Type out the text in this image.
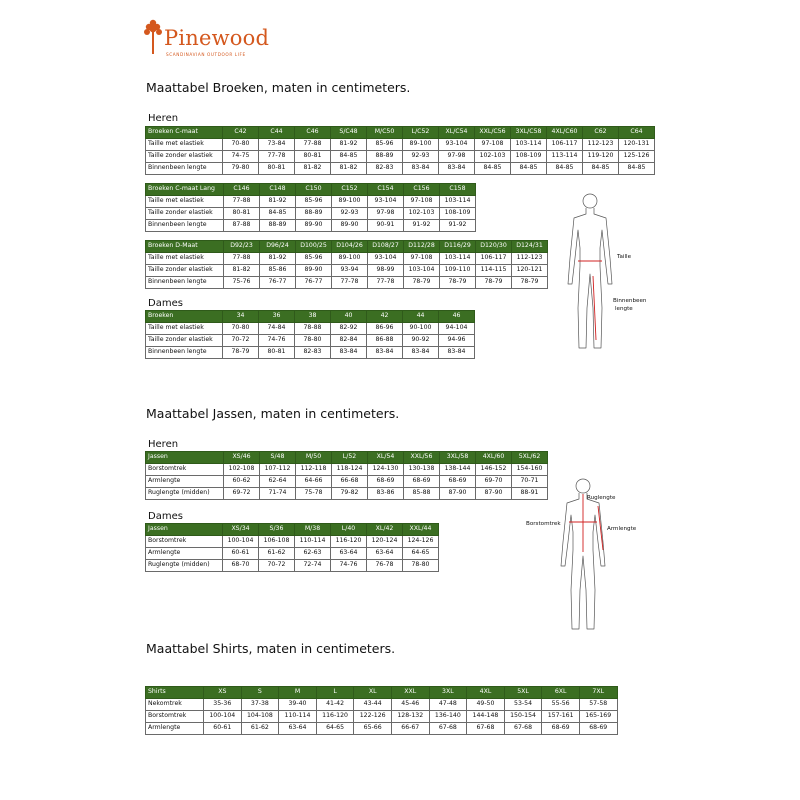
Pinewood
SCANDINAVIAN OUTDOOR LIFE
Maattabel Broeken, maten in centimeters.
Maattabel Jassen, maten in centimeters.
Maattabel Shirts, maten in centimeters.
Heren
Dames
Heren
Dames
Broeken C-maat	C42	C44	C46	S/C48	M/C50	L/C52	XL/C54	XXL/C56	3XL/C58	4XL/C60	C62	C64
Taille met elastiek	70-80	73-84	77-88	81-92	85-96	89-100	93-104	97-108	103-114	106-117	112-123	120-131
Taille zonder elastiek	74-75	77-78	80-81	84-85	88-89	92-93	97-98	102-103	108-109	113-114	119-120	125-126
Binnenbeen lengte	79-80	80-81	81-82	81-82	82-83	83-84	83-84	84-85	84-85	84-85	84-85	84-85
Broeken C-maat Lang	C146	C148	C150	C152	C154	C156	C158
Taille met elastiek	77-88	81-92	85-96	89-100	93-104	97-108	103-114
Taille zonder elastiek	80-81	84-85	88-89	92-93	97-98	102-103	108-109
Binnenbeen lengte	87-88	88-89	89-90	89-90	90-91	91-92	91-92
Broeken D-Maat	D92/23	D96/24	D100/25	D104/26	D108/27	D112/28	D116/29	D120/30	D124/31
Taille met elastiek	77-88	81-92	85-96	89-100	93-104	97-108	103-114	106-117	112-123
Taille zonder elastiek	81-82	85-86	89-90	93-94	98-99	103-104	109-110	114-115	120-121
Binnenbeen lengte	75-76	76-77	76-77	77-78	77-78	78-79	78-79	78-79	78-79
Broeken	34	36	38	40	42	44	46
Taille met elastiek	70-80	74-84	78-88	82-92	86-96	90-100	94-104
Taille zonder elastiek	70-72	74-76	78-80	82-84	86-88	90-92	94-96
Binnenbeen lengte	78-79	80-81	82-83	83-84	83-84	83-84	83-84
Jassen	XS/46	S/48	M/50	L/52	XL/54	XXL/56	3XL/58	4XL/60	5XL/62
Borstomtrek	102-108	107-112	112-118	118-124	124-130	130-138	138-144	146-152	154-160
Armlengte	60-62	62-64	64-66	66-68	68-69	68-69	68-69	69-70	70-71
Ruglengte (midden)	69-72	71-74	75-78	79-82	83-86	85-88	87-90	87-90	88-91
Jassen	XS/34	S/36	M/38	L/40	XL/42	XXL/44
Borstomtrek	100-104	106-108	110-114	116-120	120-124	124-126
Armlengte	60-61	61-62	62-63	63-64	63-64	64-65
Ruglengte (midden)	68-70	70-72	72-74	74-76	76-78	78-80
Shirts	XS	S	M	L	XL	XXL	3XL	4XL	5XL	6XL	7XL
Nekomtrek	35-36	37-38	39-40	41-42	43-44	45-46	47-48	49-50	53-54	55-56	57-58
Borstomtrek	100-104	104-108	110-114	116-120	122-126	128-132	136-140	144-148	150-154	157-161	165-169
Armlengte	60-61	61-62	63-64	64-65	65-66	66-67	67-68	67-68	67-68	68-69	68-69
Taille
Binnenbeen
lengte
Ruglengte
Borstomtrek
Armlengte
